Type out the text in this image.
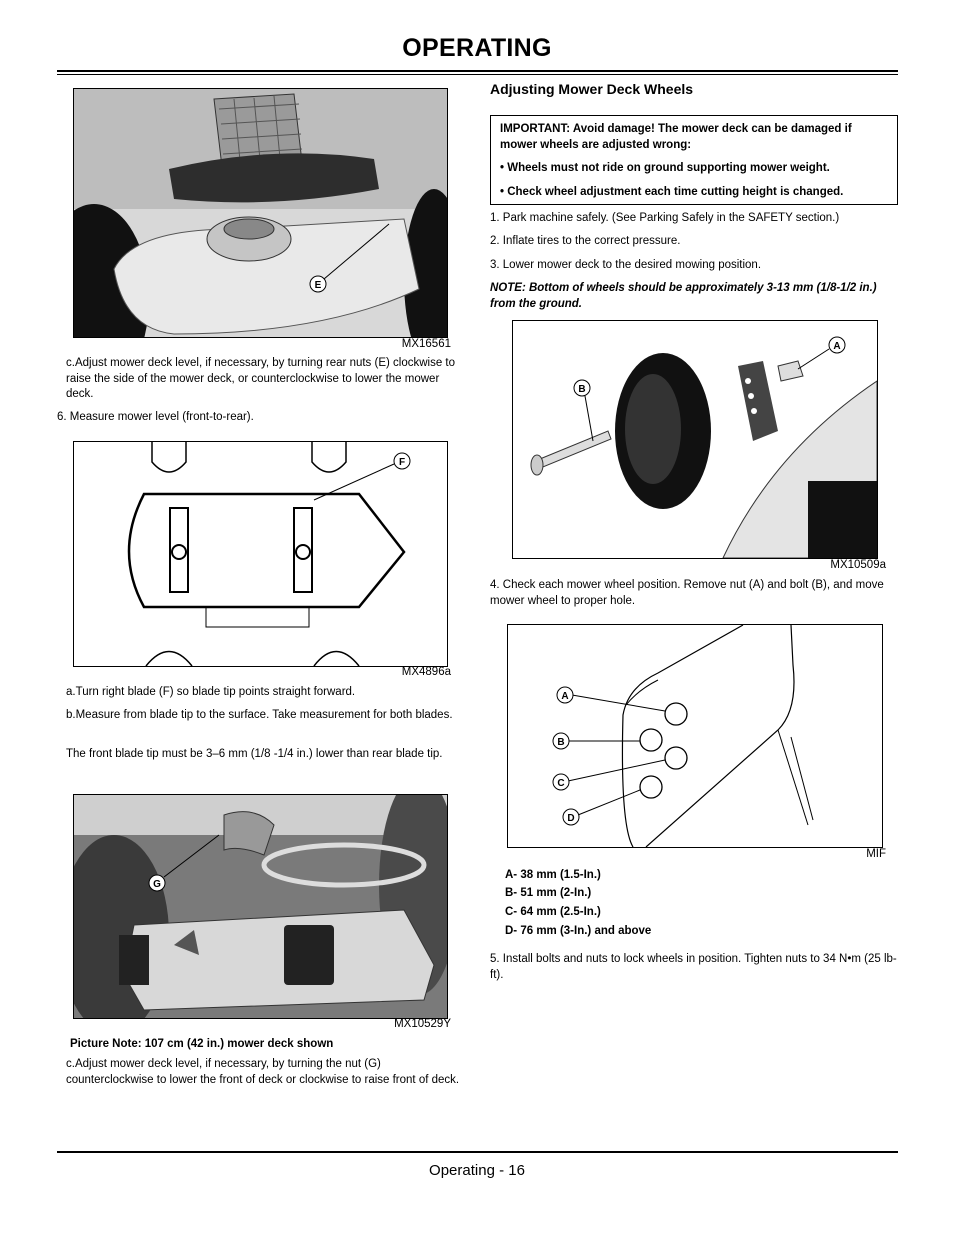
OPERATING
E
MX16561
c.Adjust mower deck level, if necessary, by turning rear nuts (E) clockwise to raise the side of the mower deck, or counterclockwise to lower the mower deck.
6. Measure mower level (front-to-rear).
F
MX4896a
a.Turn right blade (F) so blade tip points straight forward.
b.Measure from blade tip to the surface. Take measurement for both blades.
The front blade tip must be 3–6 mm (1/8 -1/4 in.) lower than rear blade tip.
G
MX10529Y
Picture Note: 107 cm (42 in.) mower deck shown
c.Adjust mower deck level, if necessary, by turning the nut (G) counterclockwise to lower the front of deck or clockwise to raise front of deck.
Adjusting Mower Deck Wheels

IMPORTANT: Avoid damage! The mower deck can be damaged if mower wheels are adjusted wrong:

• Wheels must not ride on ground supporting mower weight.

• Check wheel adjustment each time cutting height is changed.

1. Park machine safely. (See Parking Safely in the SAFETY section.)
2. Inflate tires to the correct pressure.
3. Lower mower deck to the desired mowing position.
NOTE: Bottom of wheels should be approximately 3-13 mm (1/8-1/2 in.) from the ground.
A
B
MX10509a
4. Check each mower wheel position. Remove nut (A) and bolt (B), and move mower wheel to proper hole.
A
B
C
D
MIF
A- 38 mm (1.5-In.)
B- 51 mm (2-In.)
C- 64 mm (2.5-In.)
D- 76 mm (3-In.) and above
5. Install bolts and nuts to lock wheels in position. Tighten nuts to 34 N•m (25 lb-ft).
Operating - 16
